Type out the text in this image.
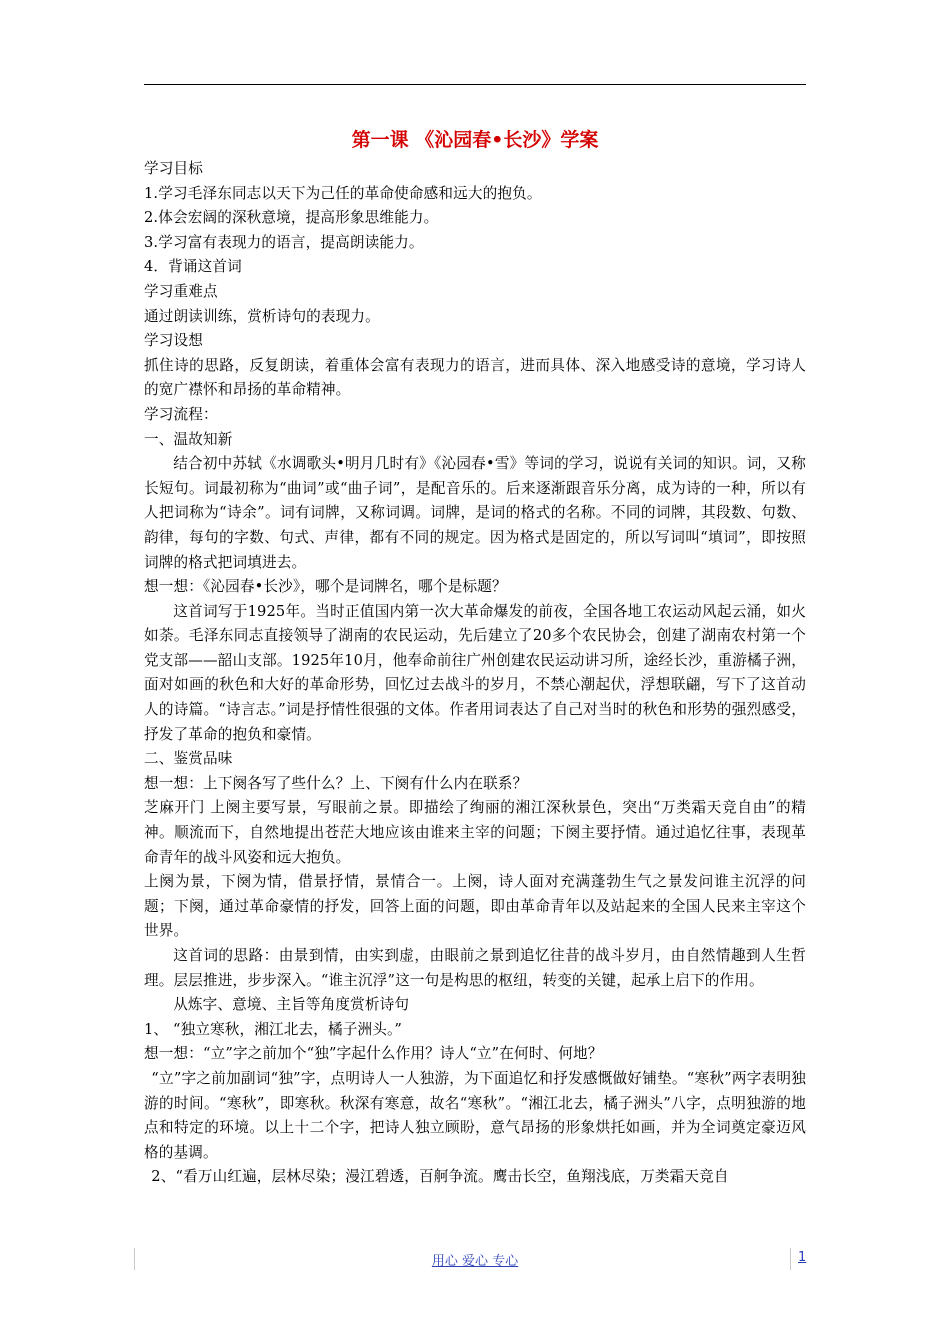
第一课 《沁园春•长沙》学案

学习目标

1.学习毛泽东同志以天下为己任的革命使命感和远大的抱负。

2.体会宏阔的深秋意境，提高形象思维能力。

3.学习富有表现力的语言，提高朗读能力。

4．背诵这首词

学习重难点

通过朗读训练，赏析诗句的表现力。

学习设想

抓住诗的思路，反复朗读，着重体会富有表现力的语言，进而具体、深入地感受诗的意境，学习诗人的宽广襟怀和昂扬的革命精神。

学习流程：

一、温故知新

结合初中苏轼《水调歌头•明月几时有》《沁园春•雪》等词的学习，说说有关词的知识。词，又称长短句。词最初称为“曲词”或“曲子词”，是配音乐的。后来逐渐跟音乐分离，成为诗的一种，所以有人把词称为“诗余”。词有词牌，又称词调。词牌，是词的格式的名称。不同的词牌，其段数、句数、韵律，每句的字数、句式、声律，都有不同的规定。因为格式是固定的，所以写词叫“填词”，即按照词牌的格式把词填进去。

想一想：《沁园春•长沙》，哪个是词牌名，哪个是标题？

这首词写于1925年。当时正值国内第一次大革命爆发的前夜，全国各地工农运动风起云涌，如火如荼。毛泽东同志直接领导了湖南的农民运动，先后建立了20多个农民协会，创建了湖南农村第一个党支部——韶山支部。1925年10月，他奉命前往广州创建农民运动讲习所，途经长沙，重游橘子洲，面对如画的秋色和大好的革命形势，回忆过去战斗的岁月，不禁心潮起伏，浮想联翩，写下了这首动人的诗篇。“诗言志。”词是抒情性很强的文体。作者用词表达了自己对当时的秋色和形势的强烈感受，抒发了革命的抱负和豪情。

二、鉴赏品味

想一想：上下阕各写了些什么？上、下阕有什么内在联系？

芝麻开门 上阕主要写景，写眼前之景。即描绘了绚丽的湘江深秋景色，突出“万类霜天竞自由”的精神。顺流而下，自然地提出苍茫大地应该由谁来主宰的问题；下阕主要抒情。通过追忆往事，表现革命青年的战斗风姿和远大抱负。

上阕为景，下阕为情，借景抒情，景情合一。上阕，诗人面对充满蓬勃生气之景发问谁主沉浮的问题；下阕，通过革命豪情的抒发，回答上面的问题，即由革命青年以及站起来的全国人民来主宰这个世界。

这首词的思路：由景到情，由实到虚，由眼前之景到追忆往昔的战斗岁月，由自然情趣到人生哲理。层层推进，步步深入。“谁主沉浮”这一句是构思的枢纽，转变的关键，起承上启下的作用。

从炼字、意境、主旨等角度赏析诗句

1、 “独立寒秋，湘江北去，橘子洲头。”

想一想：“立”字之前加个“独”字起什么作用？诗人“立”在何时、何地？

“立”字之前加副词“独”字，点明诗人一人独游，为下面追忆和抒发感慨做好铺垫。“寒秋”两字表明独游的时间。“寒秋”，即寒秋。秋深有寒意，故名“寒秋”。“湘江北去，橘子洲头”八字，点明独游的地点和特定的环境。以上十二个字，把诗人独立顾盼，意气昂扬的形象烘托如画，并为全词奠定豪迈风格的基调。

2、“看万山红遍，层林尽染；漫江碧透，百舸争流。鹰击长空，鱼翔浅底，万类霜天竞自

用心 爱心 专心	1
